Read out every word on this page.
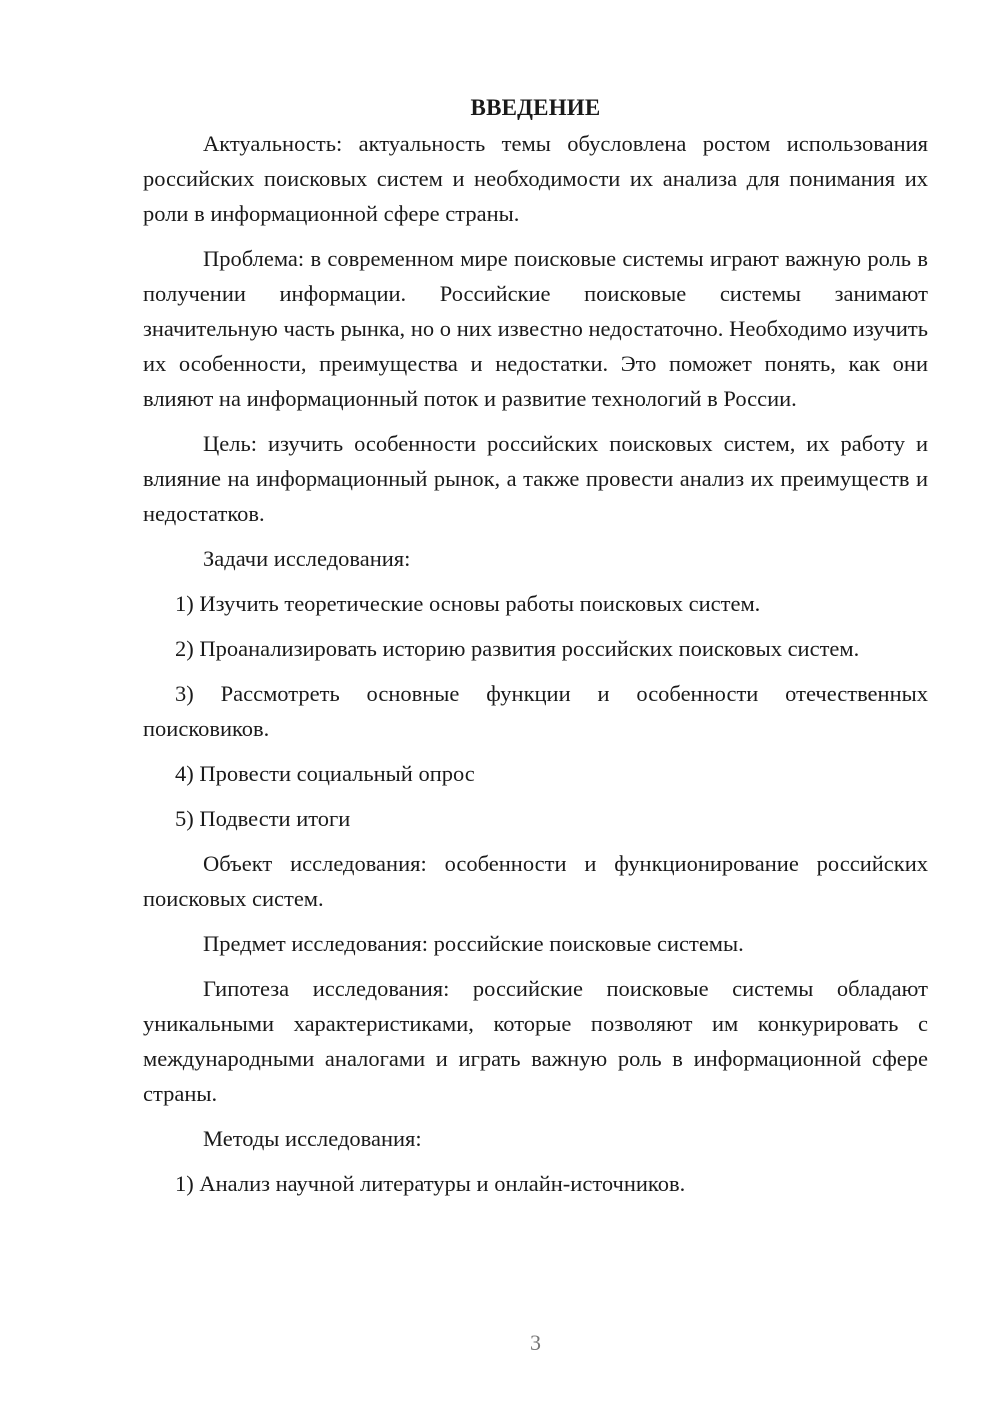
ВВЕДЕНИЕ

Актуальность: актуальность темы обусловлена ростом использования российских поисковых систем и необходимости их анализа для понимания их роли в информационной сфере страны.

Проблема: в современном мире поисковые системы играют важную роль в получении информации. Российские поисковые системы занимают значительную часть рынка, но о них известно недостаточно. Необходимо изучить их особенности, преимущества и недостатки. Это поможет понять, как они влияют на информационный поток и развитие технологий в России.

Цель: изучить особенности российских поисковых систем, их работу и влияние на информационный рынок, а также провести анализ их преимуществ и недостатков.

Задачи исследования:

1) Изучить теоретические основы работы поисковых систем.

2) Проанализировать историю развития российских поисковых систем.

3) Рассмотреть основные функции и особенности отечественных поисковиков.

4) Провести социальный опрос

5) Подвести итоги

Объект исследования: особенности и функционирование российских поисковых систем.

Предмет исследования: российские поисковые системы.

Гипотеза исследования: российские поисковые системы обладают уникальными характеристиками, которые позволяют им конкурировать с международными аналогами и играть важную роль в информационной сфере страны.

Методы исследования:

1) Анализ научной литературы и онлайн-источников.

3
